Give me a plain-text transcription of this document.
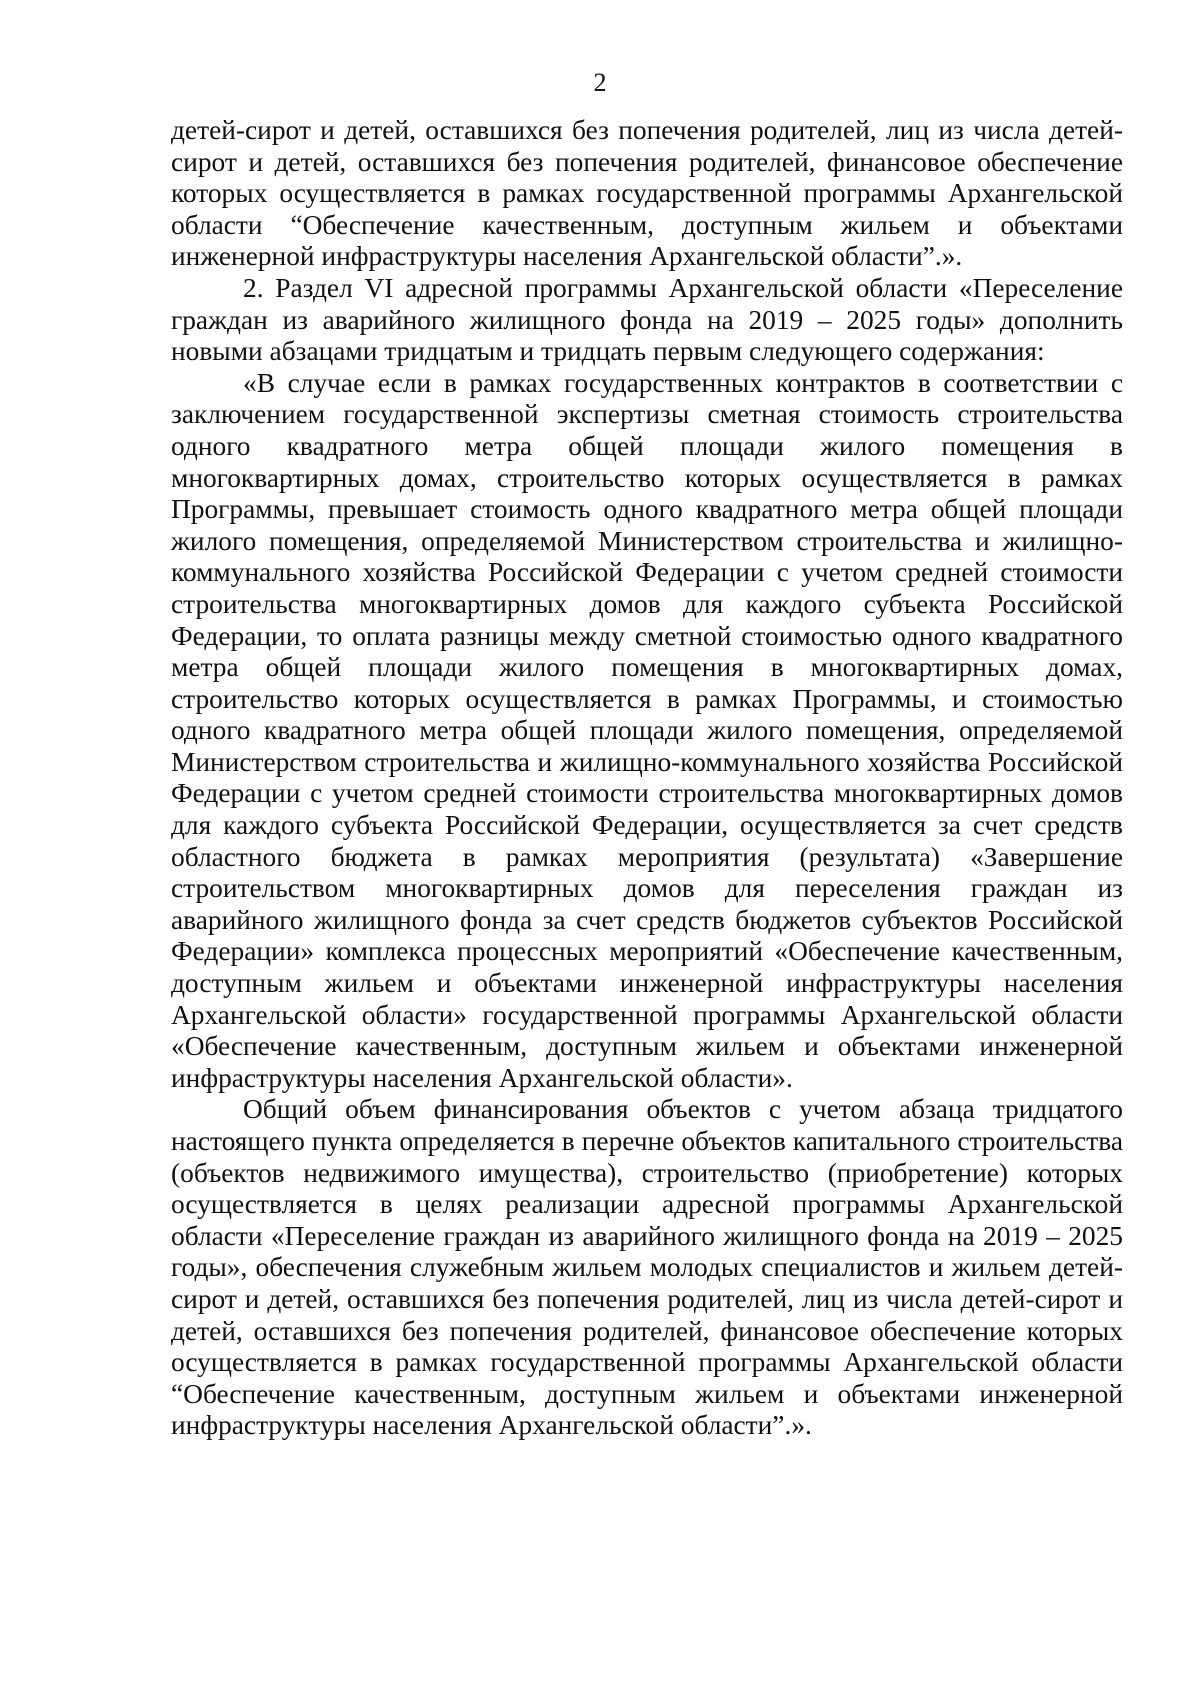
2

детей-сирот и детей, оставшихся без попечения родителей, лиц из числа детей-сирот и детей, оставшихся без попечения родителей, финансовое обеспечение которых осуществляется в рамках государственной программы Архангельской области “Обеспечение качественным, доступным жильем и объектами инженерной инфраструктуры населения Архангельской области”.».

2. Раздел VI адресной программы Архангельской области «Переселение граждан из аварийного жилищного фонда на 2019 – 2025 годы» дополнить новыми абзацами тридцатым и тридцать первым следующего содержания:

«В случае если в рамках государственных контрактов в соответствии с заключением государственной экспертизы сметная стоимость строительства одного квадратного метра общей площади жилого помещения в многоквартирных домах, строительство которых осуществляется в рамках Программы, превышает стоимость одного квадратного метра общей площади жилого помещения, определяемой Министерством строительства и жилищно-коммунального хозяйства Российской Федерации с учетом средней стоимости строительства многоквартирных домов для каждого субъекта Российской Федерации, то оплата разницы между сметной стоимостью одного квадратного метра общей площади жилого помещения в многоквартирных домах, строительство которых осуществляется в рамках Программы, и стоимостью одного квадратного метра общей площади жилого помещения, определяемой Министерством строительства и жилищно-коммунального хозяйства Российской Федерации с учетом средней стоимости строительства многоквартирных домов для каждого субъекта Российской Федерации, осуществляется за счет средств областного бюджета в рамках мероприятия (результата) «Завершение строительством многоквартирных домов для переселения граждан из аварийного жилищного фонда за счет средств бюджетов субъектов Российской Федерации» комплекса процессных мероприятий «Обеспечение качественным, доступным жильем и объектами инженерной инфраструктуры населения Архангельской области» государственной программы Архангельской области «Обеспечение качественным, доступным жильем и объектами инженерной инфраструктуры населения Архангельской области».

Общий объем финансирования объектов с учетом абзаца тридцатого настоящего пункта определяется в перечне объектов капитального строительства (объектов недвижимого имущества), строительство (приобретение) которых осуществляется в целях реализации адресной программы Архангельской области «Переселение граждан из аварийного жилищного фонда на 2019 – 2025 годы», обеспечения служебным жильем молодых специалистов и жильем детей-сирот и детей, оставшихся без попечения родителей, лиц из числа детей-сирот и детей, оставшихся без попечения родителей, финансовое обеспечение которых осуществляется в рамках государственной программы Архангельской области “Обеспечение качественным, доступным жильем и объектами инженерной инфраструктуры населения Архангельской области”.».
